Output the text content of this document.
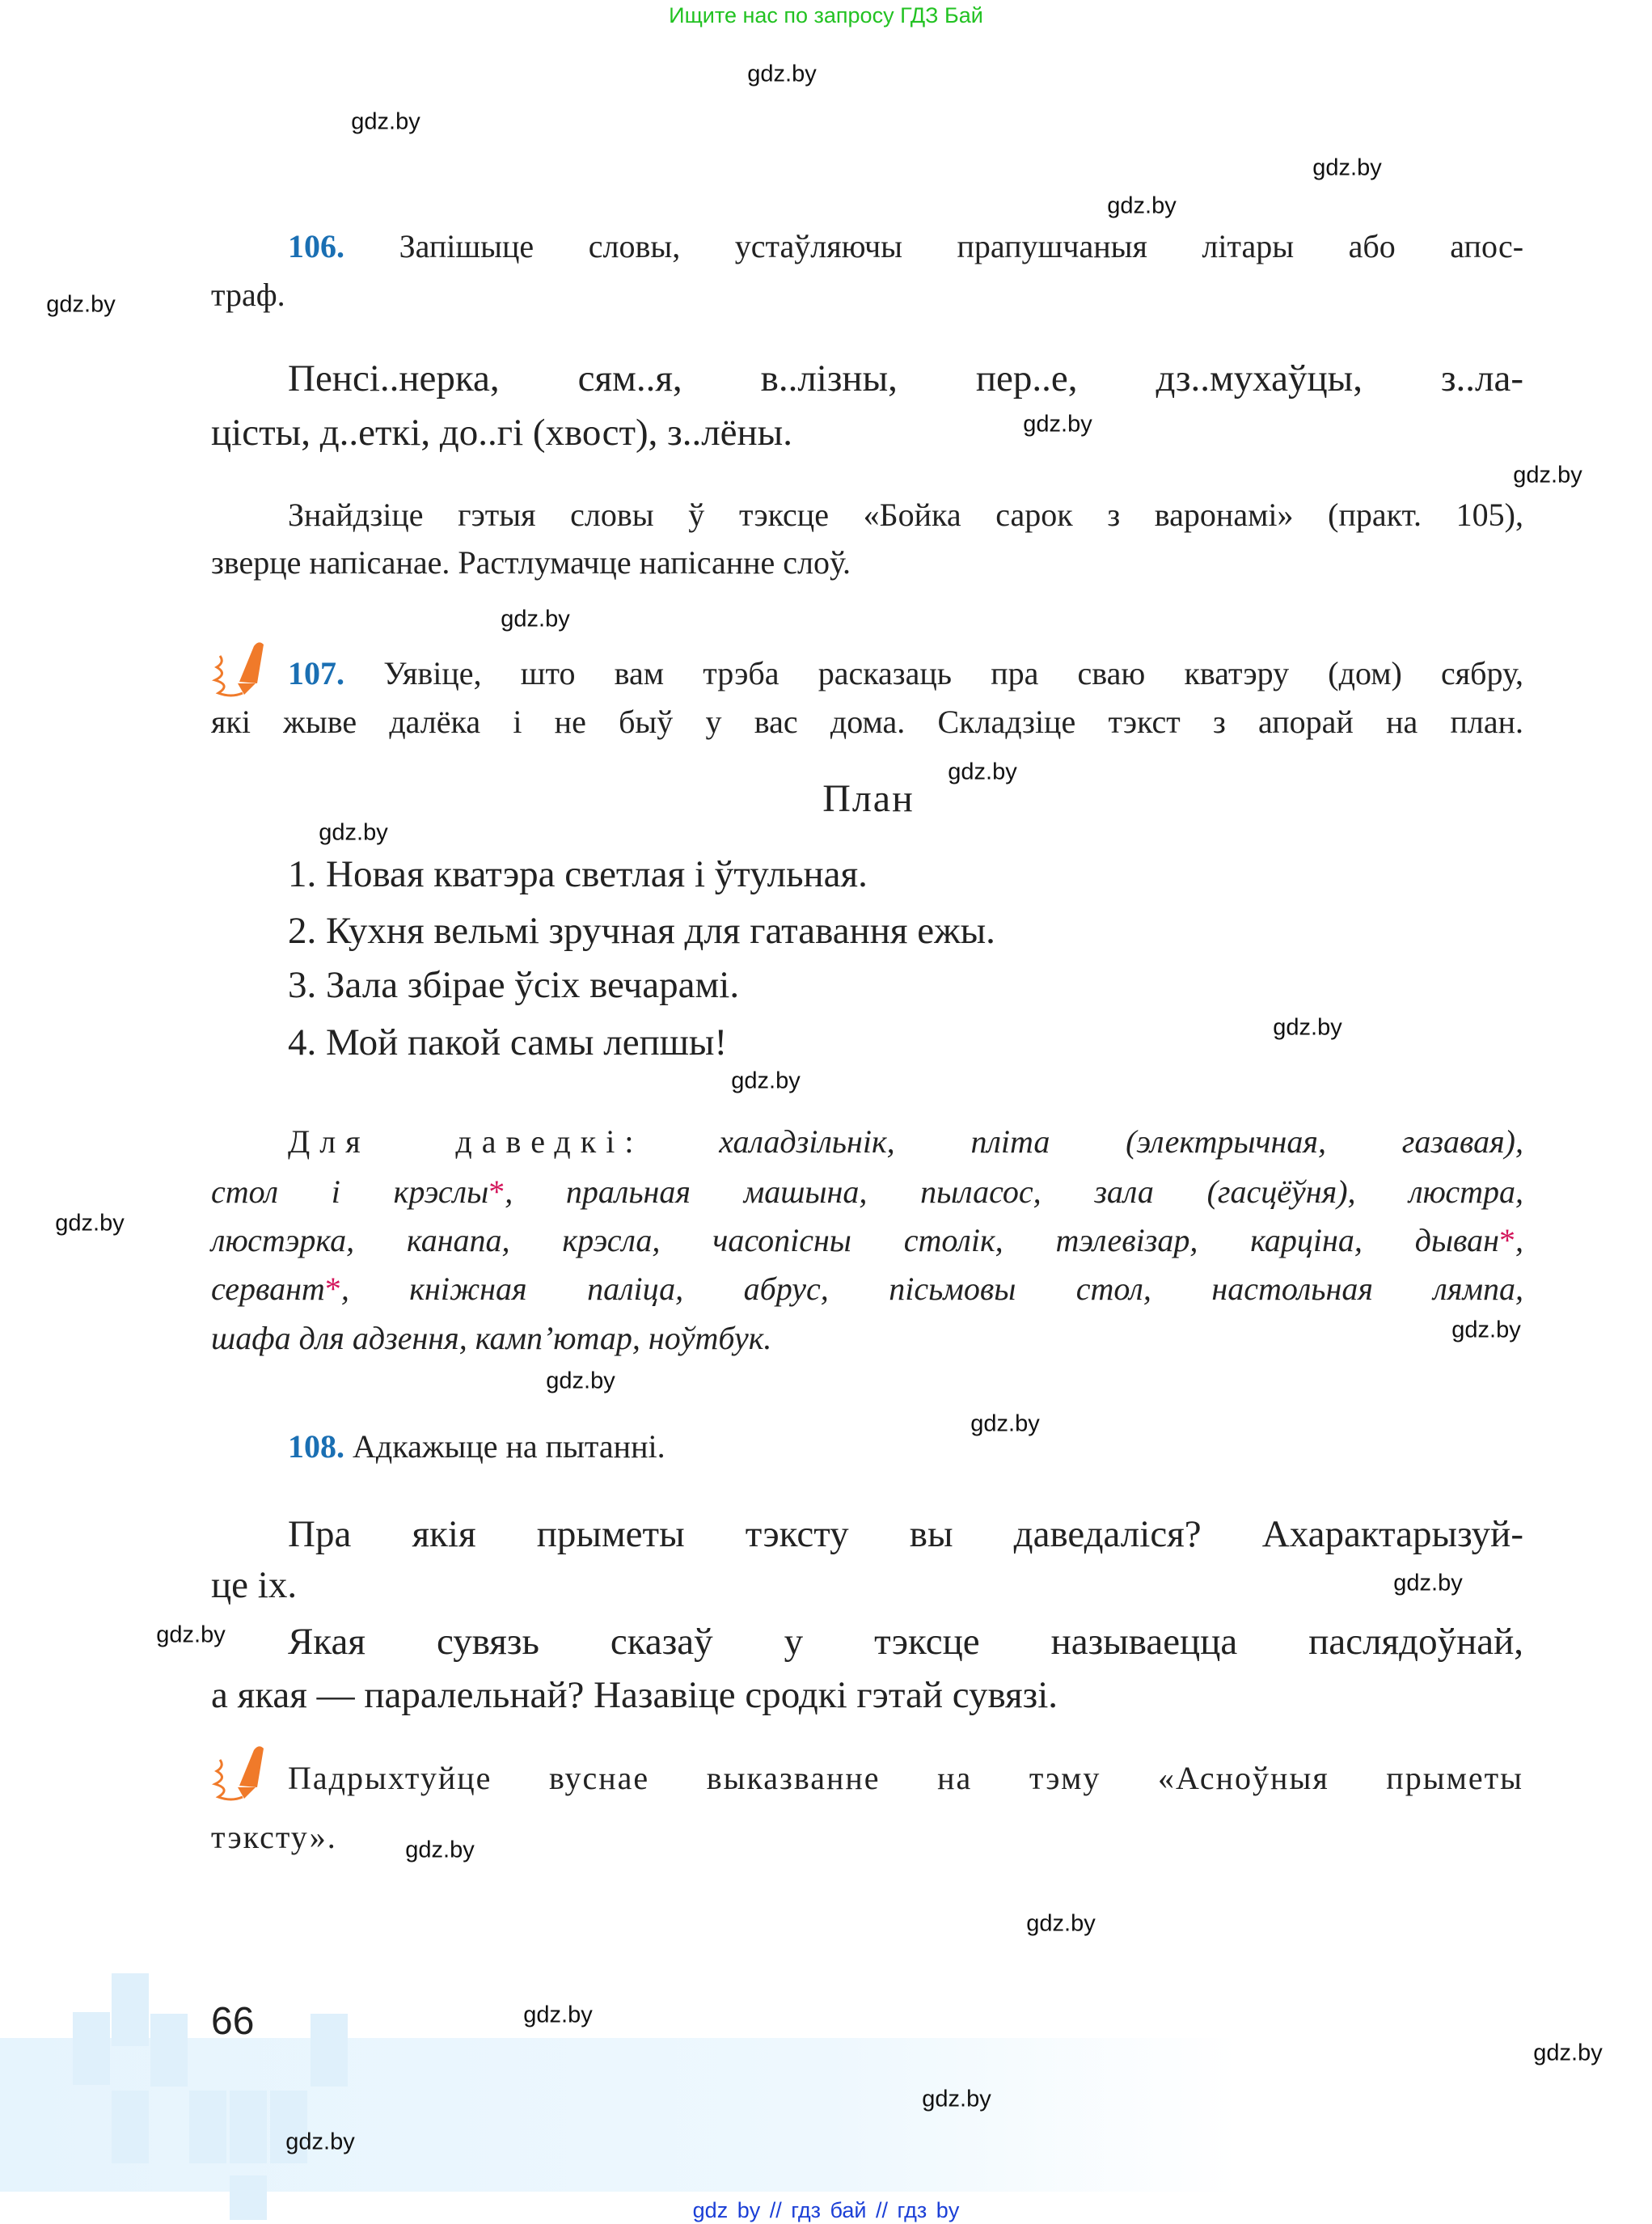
Ищите нас по запросу ГДЗ Бай
106. Запішыце словы, устаўляючы прапушчаныя літары або апос-
траф.
Пенсі..нерка, сям..я, в..лізны, пер..е, дз..мухаўцы, з..ла-
цісты, д..еткі, до..гі (хвост), з..лёны.
Знайдзіце гэтыя словы ў тэксце «Бойка сарок з варонамі» (практ. 105),
зверце напісанае. Растлумачце напісанне слоў.
107. Уявіце, што вам трэба расказаць пра сваю кватэру (дом) сябру,
які жыве далёка і не быў у вас дома. Складзіце тэкст з апорай на план.
План
1. Новая кватэра светлая і ўтульная.
2. Кухня вельмі зручная для гатавання ежы.
3. Зала збірае ўсіх вечарамі.
4. Мой пакой самы лепшы!
Для даведкі: халадзільнік, пліта (электрычная, газавая),
стол і крэслы*, пральная машына, пыласос, зала (гасцёўня), люстра,
люстэрка, канапа, крэсла, часопісны столік, тэлевізар, карціна, дыван*,
сервант*, кніжная паліца, абрус, пісьмовы стол, настольная лямпа,
шафа для адзення, камп’ютар, ноўтбук.
108. Адкажыце на пытанні.
Пра якія прыметы тэксту вы даведаліся? Ахарактарызуй-
це іх.
Якая сувязь сказаў у тэксце называецца паслядоўнай,
а якая — паралельнай? Назавіце сродкі гэтай сувязі.
Падрыхтуйце вуснае выказванне на тэму «Асноўныя прыметы
тэксту».
66
gdz.by
gdz.by
gdz.by
gdz.by
gdz.by
gdz.by
gdz.by
gdz.by
gdz.by
gdz.by
gdz.by
gdz.by
gdz.by
gdz.by
gdz.by
gdz.by
gdz.by
gdz.by
gdz.by
gdz.by
gdz.by
gdz.by
gdz.by
gdz.by
gdz by // гдз бай // гдз by
